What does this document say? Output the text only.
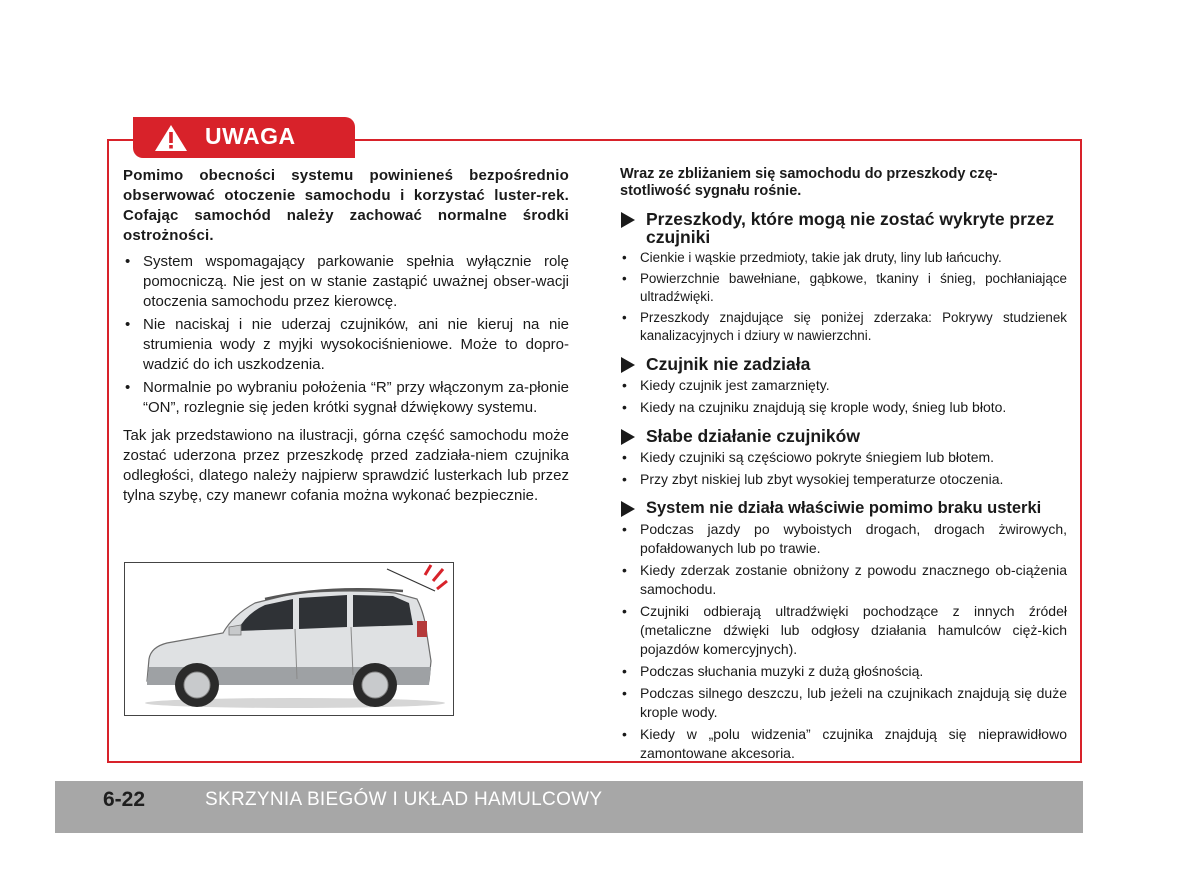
UWAGA

Pomimo obecności systemu powinieneś bezpośrednio obserwować otoczenie samochodu i korzystać luster-rek. Cofając samochód należy zachować normalne środki ostrożności.

• System wspomagający parkowanie spełnia wyłącznie rolę pomocniczą. Nie jest on w stanie zastąpić uważnej obser-wacji otoczenia samochodu przez kierowcę.
• Nie naciskaj i nie uderzaj czujników, ani nie kieruj na nie strumienia wody z myjki wysokociśnieniowe. Może to dopro-wadzić do ich uszkodzenia.
• Normalnie po wybraniu położenia “R” przy włączonym za-płonie “ON”, rozlegnie się jeden krótki sygnał dźwiękowy systemu.

Tak jak przedstawiono na ilustracji, górna część samochodu może zostać uderzona przez przeszkodę przed zadziała-niem czujnika odległości, dlatego należy najpierw sprawdzić lusterkach lub przez tylna szybę, czy manewr cofania można wykonać bezpiecznie.

Wraz ze zbliżaniem się samochodu do przeszkody czę-stotliwość sygnału rośnie.

Przeszkody, które mogą nie zostać wykryte przez czujniki
• Cienkie i wąskie przedmioty, takie jak druty, liny lub łańcuchy.
• Powierzchnie bawełniane, gąbkowe, tkaniny i śnieg, pochłaniające ultradźwięki.
• Przeszkody znajdujące się poniżej zderzaka: Pokrywy studzienek kanalizacyjnych i dziury w nawierzchni.
Czujnik nie zadziała
• Kiedy czujnik jest zamarznięty.
• Kiedy na czujniku znajdują się krople wody, śnieg lub błoto.
Słabe działanie czujników
• Kiedy czujniki są częściowo pokryte śniegiem lub błotem.
• Przy zbyt niskiej lub zbyt wysokiej temperaturze otoczenia.
System nie działa właściwie pomimo braku usterki
• Podczas jazdy po wyboistych drogach, drogach żwirowych, pofałdowanych lub po trawie.
• Kiedy zderzak zostanie obniżony z powodu znacznego ob-ciążenia samochodu.
• Czujniki odbierają ultradźwięki pochodzące z innych źródeł (metaliczne dźwięki lub odgłosy działania hamulców cięż-kich pojazdów komercyjnych).
• Podczas słuchania muzyki z dużą głośnością.
• Podczas silnego deszczu, lub jeżeli na czujnikach znajdują się duże krople wody.
• Kiedy w „polu widzenia” czujnika znajdują się nieprawidłowo zamontowane akcesoria.
6-22	SKRZYNIA BIEGÓW I UKŁAD HAMULCOWY
